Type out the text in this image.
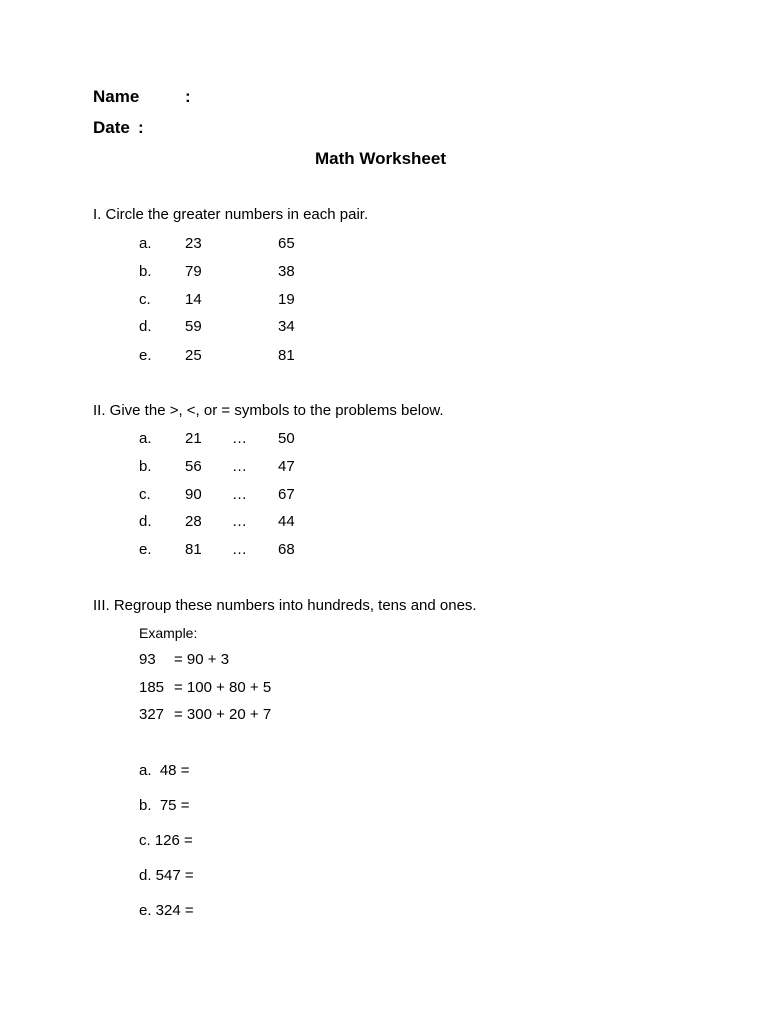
Name	:
Date :
Math Worksheet
I. Circle the greater numbers in each pair.
a. 23	65
b. 79	38
c. 14	19
d. 59	34
e. 25	81
II. Give the >, <, or = symbols to the problems below.
a. 21 … 50
b. 56 … 47
c. 90 … 67
d. 28 … 44
e. 81 … 68
III. Regroup these numbers into hundreds, tens and ones.
Example:
93 = 90 + 3
185 = 100 + 80 + 5
327 = 300 + 20 + 7
a.  48 =
b.  75 =
c. 126 =
d. 547 =
e. 324 =
